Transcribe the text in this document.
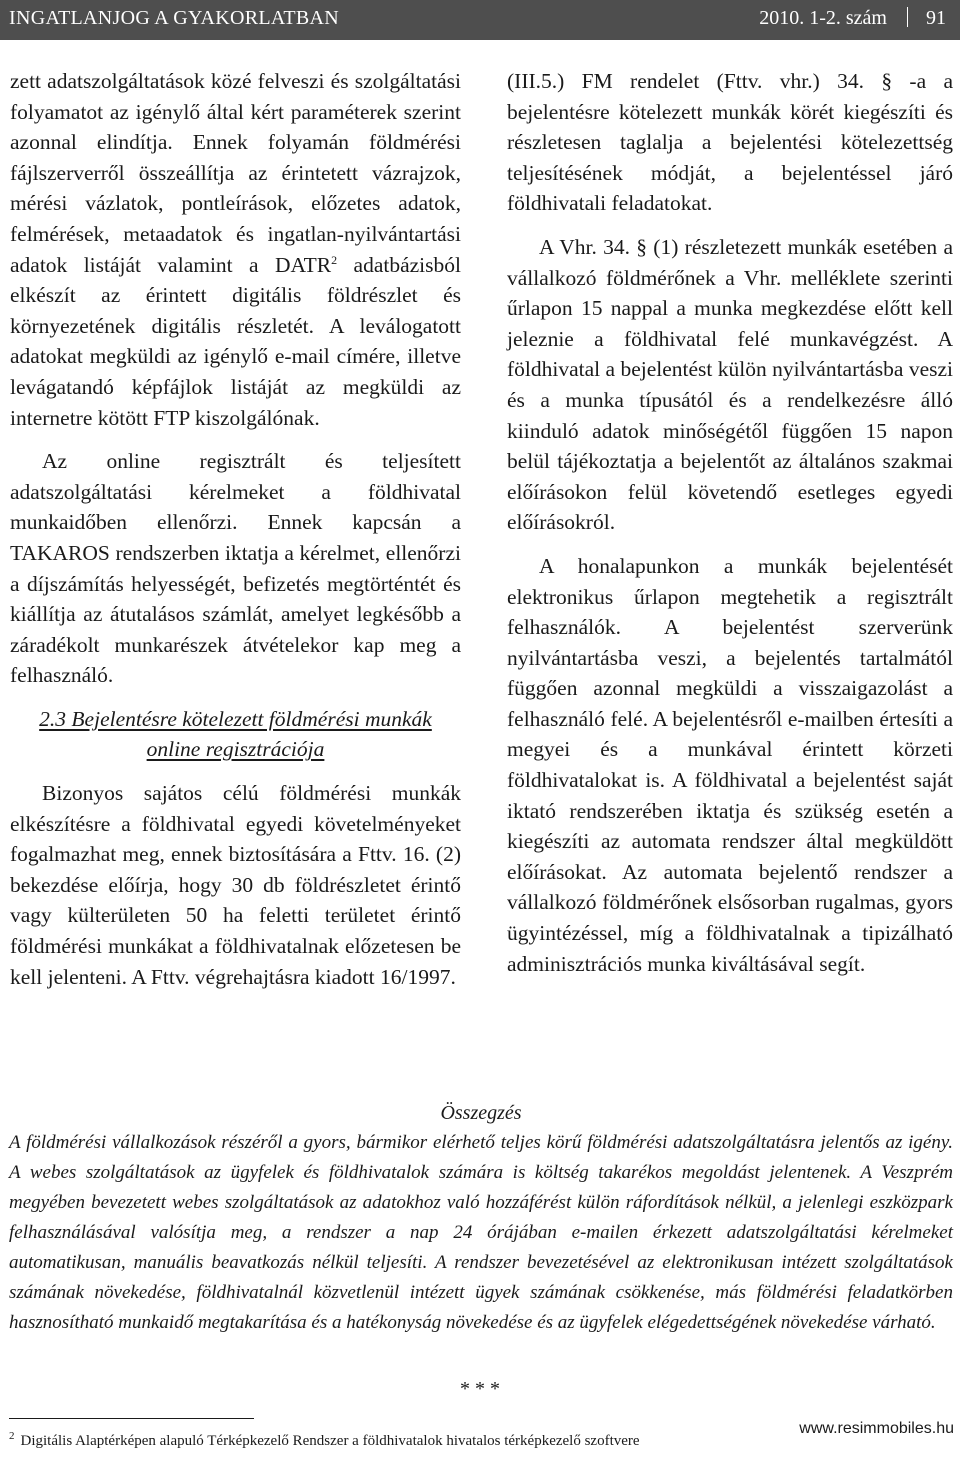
INGATLANJOG A GYAKORLATBAN	2010. 1-2. szám 91

zett adatszolgáltatások közé felveszi és szolgáltatási folyamatot az igénylő által kért paraméterek szerint azonnal elindítja. Ennek folyamán földmérési fájlszerverről összeállítja az érintetett vázrajzok, mérési vázlatok, pontleírások, előzetes adatok, felmérések, metaadatok és ingatlan-nyilvántartási adatok listáját valamint a DATR$^2$ adatbázisból elkészít az érintett digitális földrészlet és környezetének digitális részletét. A leválogatott adatokat megküldi az igénylő e-mail címére, illetve levágatandó képfájlok listáját az megküldi az internetre kötött FTP kiszolgálónak.

Az online regisztrált és teljesített adatszolgáltatási kérelmeket a földhivatal munkaidőben ellenőrzi. Ennek kapcsán a TAKAROS rendszerben iktatja a kérelmet, ellenőrzi a díjszámítás helyességét, befizetés megtörténtét és kiállítja az átutalásos számlát, amelyet legkésőbb a záradékolt munkarészek átvételekor kap meg a felhasználó.

2.3 Bejelentésre kötelezett földmérési munkák

online regisztrációja

Bizonyos sajátos célú földmérési munkák elkészítésre a földhivatal egyedi követelményeket fogalmazhat meg, ennek biztosítására a Fttv. 16. (2) bekezdése előírja, hogy 30 db földrészletet érintő vagy külterületen 50 ha feletti területet érintő földmérési munkákat a földhivatalnak előzetesen be kell jelenteni. A Fttv. végrehajtásra kiadott 16/1997.

(III.5.) FM rendelet (Fttv. vhr.) 34. § -a a bejelentésre kötelezett munkák körét kiegészíti és részletesen taglalja a bejelentési kötelezettség teljesítésének módját, a bejelentéssel járó földhivatali feladatokat.

A Vhr. 34. § (1) részletezett munkák esetében a vállalkozó földmérőnek a Vhr. melléklete szerinti űrlapon 15 nappal a munka megkezdése előtt kell jeleznie a földhivatal felé munkavégzést. A földhivatal a bejelentést külön nyilvántartásba veszi és a munka típusától és a rendelkezésre álló kiinduló adatok minőségétől függően 15 napon belül tájékoztatja a bejelentőt az általános szakmai előírásokon felül követendő esetleges egyedi előírásokról.

A honalapunkon a munkák bejelentését elektronikus űrlapon megtehetik a regisztrált felhasználók. A bejelentést szerverünk nyilvántartásba veszi, a bejelentés tartalmától függően azonnal megküldi a visszaigazolást a felhasználó felé. A bejelentésről e-mailben értesíti a megyei és a munkával érintett körzeti földhivatalokat is. A földhivatal a bejelentést saját iktató rendszerében iktatja és szükség esetén a kiegészíti az automata rendszer által megküldött előírásokat. Az automata bejelentő rendszer a vállalkozó földmérőnek elsősorban rugalmas, gyors ügyintézéssel, míg a földhivatalnak a tipizálható adminisztrációs munka kiváltásával segít.

Összegzés
A földmérési vállalkozások részéről a gyors, bármikor elérhető teljes körű földmérési adatszolgáltatásra jelentős az igény. A webes szolgáltatások az ügyfelek és földhivatalok számára is költség takarékos megoldást jelentenek. A Veszprém megyében bevezetett webes szolgáltatások az adatokhoz való hozzáférést külön ráfordítások nélkül, a jelenlegi eszközpark felhasználásával valósítja meg, a rendszer a nap 24 órájában e-mailen érkezett adatszolgáltatási kérelmeket automatikusan, manuális beavatkozás nélkül teljesíti. A rendszer bevezetésével az elektronikusan intézett szolgáltatások számának növekedése, földhivatalnál közvetlenül intézett ügyek számának csökkenése, más földmérési feladatkörben hasznosítható munkaidő megtakarítása és a hatékonyság növekedése és az ügyfelek elégedettségének növekedése várható.
* * *
$^2$ Digitális Alaptérképen alapuló Térképkezelő Rendszer a földhivatalok hivatalos térképkezelő szoftvere
www.resimmobiles.hu
